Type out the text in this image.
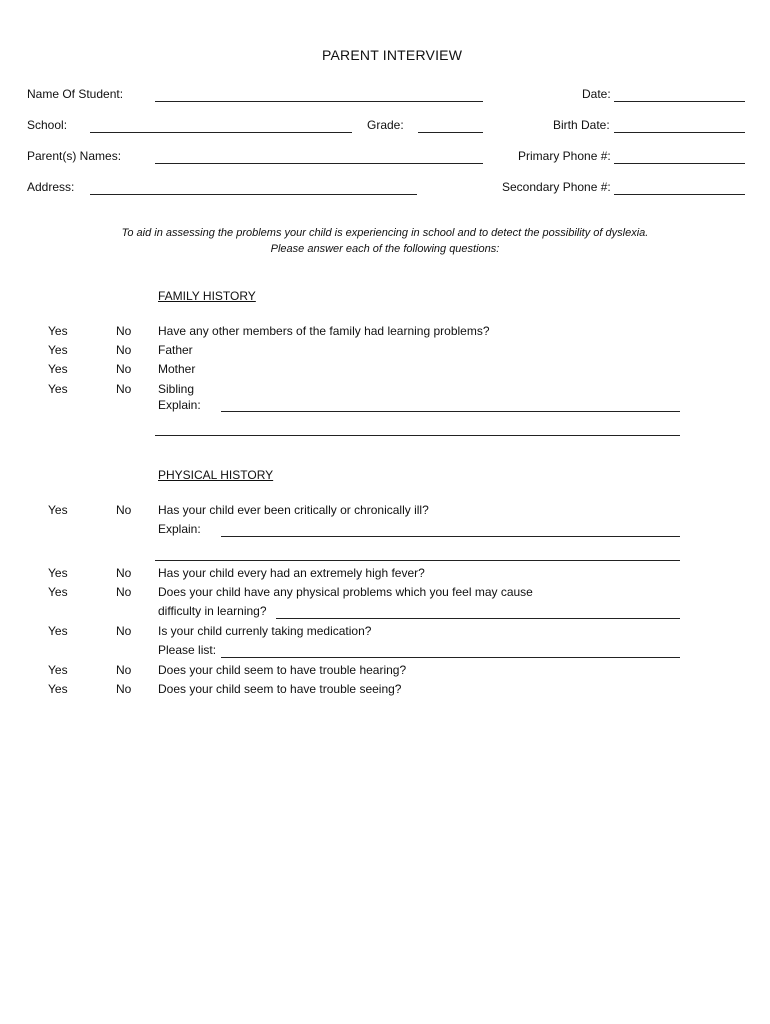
PARENT INTERVIEW
Name Of Student:	Date:
School:	Grade:	Birth Date:
Parent(s) Names:	Primary Phone #:
Address:	Secondary Phone #:
To aid in assessing the problems your child is experiencing in school and to detect the possibility of dyslexia.
Please answer each of the following questions:
FAMILY HISTORY
Yes	No Have any other members of the family had learning problems?
Yes	No Father
Yes	No Mother
Yes	No Sibling
Explain:
PHYSICAL HISTORY
Yes	No Has your child ever been critically or chronically ill?
Explain:
Yes	No Has your child every had an extremely high fever?
Yes	No Does your child have any physical problems which you feel may cause
difficulty in learning?
Yes	No Is your child currenly taking medication?
Please list:
Yes	No Does your child seem to have trouble hearing?
Yes	No Does your child seem to have trouble seeing?
